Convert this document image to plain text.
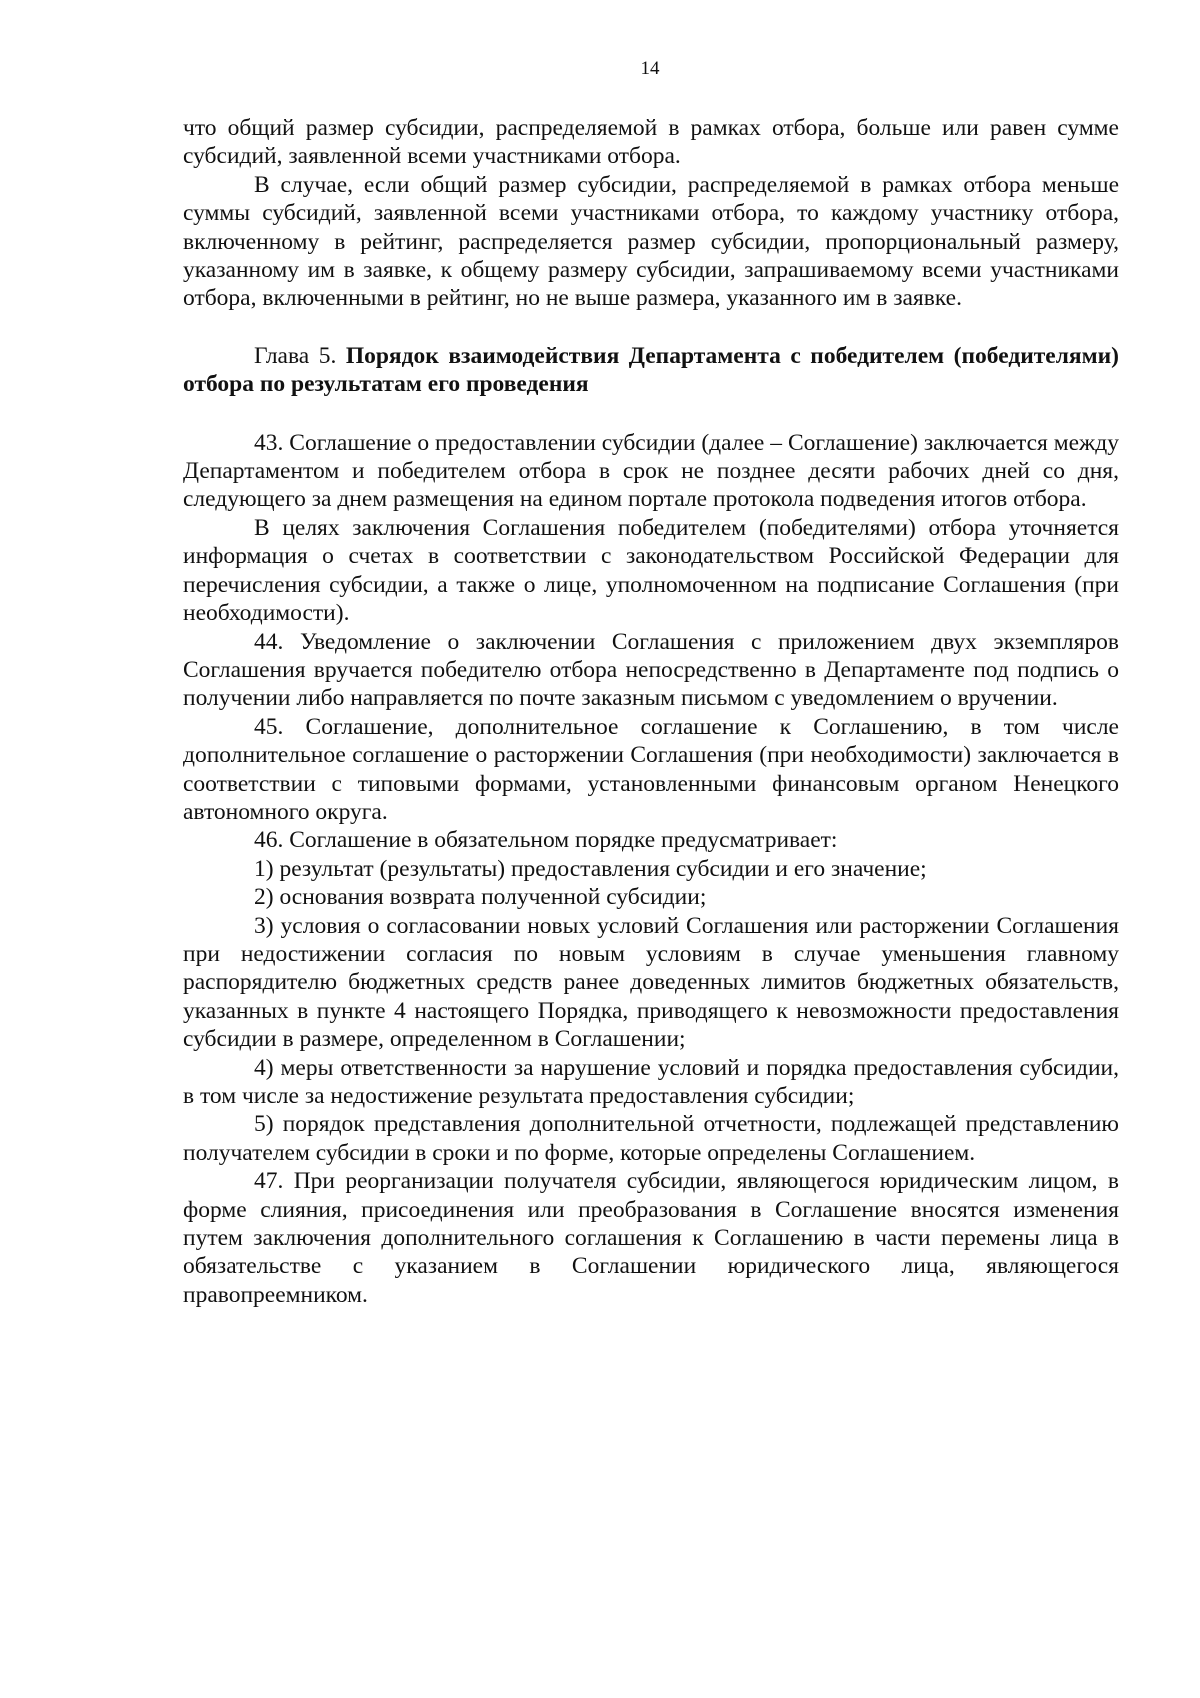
14

что общий размер субсидии, распределяемой в рамках отбора, больше или равен сумме субсидий, заявленной всеми участниками отбора.

В случае, если общий размер субсидии, распределяемой в рамках отбора меньше суммы субсидий, заявленной всеми участниками отбора, то каждому участнику отбора, включенному в рейтинг, распределяется размер субсидии, пропорциональный размеру, указанному им в заявке, к общему размеру субсидии, запрашиваемому всеми участниками отбора, включенными в рейтинг, но не выше размера, указанного им в заявке.

Глава 5. Порядок взаимодействия Департамента с победителем (победителями) отбора по результатам его проведения

43. Соглашение о предоставлении субсидии (далее – Соглашение) заключается между Департаментом и победителем отбора в срок не позднее десяти рабочих дней со дня, следующего за днем размещения на едином портале протокола подведения итогов отбора.

В целях заключения Соглашения победителем (победителями) отбора уточняется информация о счетах в соответствии с законодательством Российской Федерации для перечисления субсидии, а также о лице, уполномоченном на подписание Соглашения (при необходимости).

44. Уведомление о заключении Соглашения с приложением двух экземпляров Соглашения вручается победителю отбора непосредственно в Департаменте под подпись о получении либо направляется по почте заказным письмом с уведомлением о вручении.

45. Соглашение, дополнительное соглашение к Соглашению, в том числе дополнительное соглашение о расторжении Соглашения (при необходимости) заключается в соответствии с типовыми формами, установленными финансовым органом Ненецкого автономного округа.

46. Соглашение в обязательном порядке предусматривает:

1) результат (результаты) предоставления субсидии и его значение;

2) основания возврата полученной субсидии;

3) условия о согласовании новых условий Соглашения или расторжении Соглашения при недостижении согласия по новым условиям в случае уменьшения главному распорядителю бюджетных средств ранее доведенных лимитов бюджетных обязательств, указанных в пункте 4 настоящего Порядка, приводящего к невозможности предоставления субсидии в размере, определенном в Соглашении;

4) меры ответственности за нарушение условий и порядка предоставления субсидии, в том числе за недостижение результата предоставления субсидии;

5) порядок представления дополнительной отчетности, подлежащей представлению получателем субсидии в сроки и по форме, которые определены Соглашением.

47. При реорганизации получателя субсидии, являющегося юридическим лицом, в форме слияния, присоединения или преобразования в Соглашение вносятся изменения путем заключения дополнительного соглашения к Соглашению в части перемены лица в обязательстве с указанием в Соглашении юридического лица, являющегося правопреемником.
